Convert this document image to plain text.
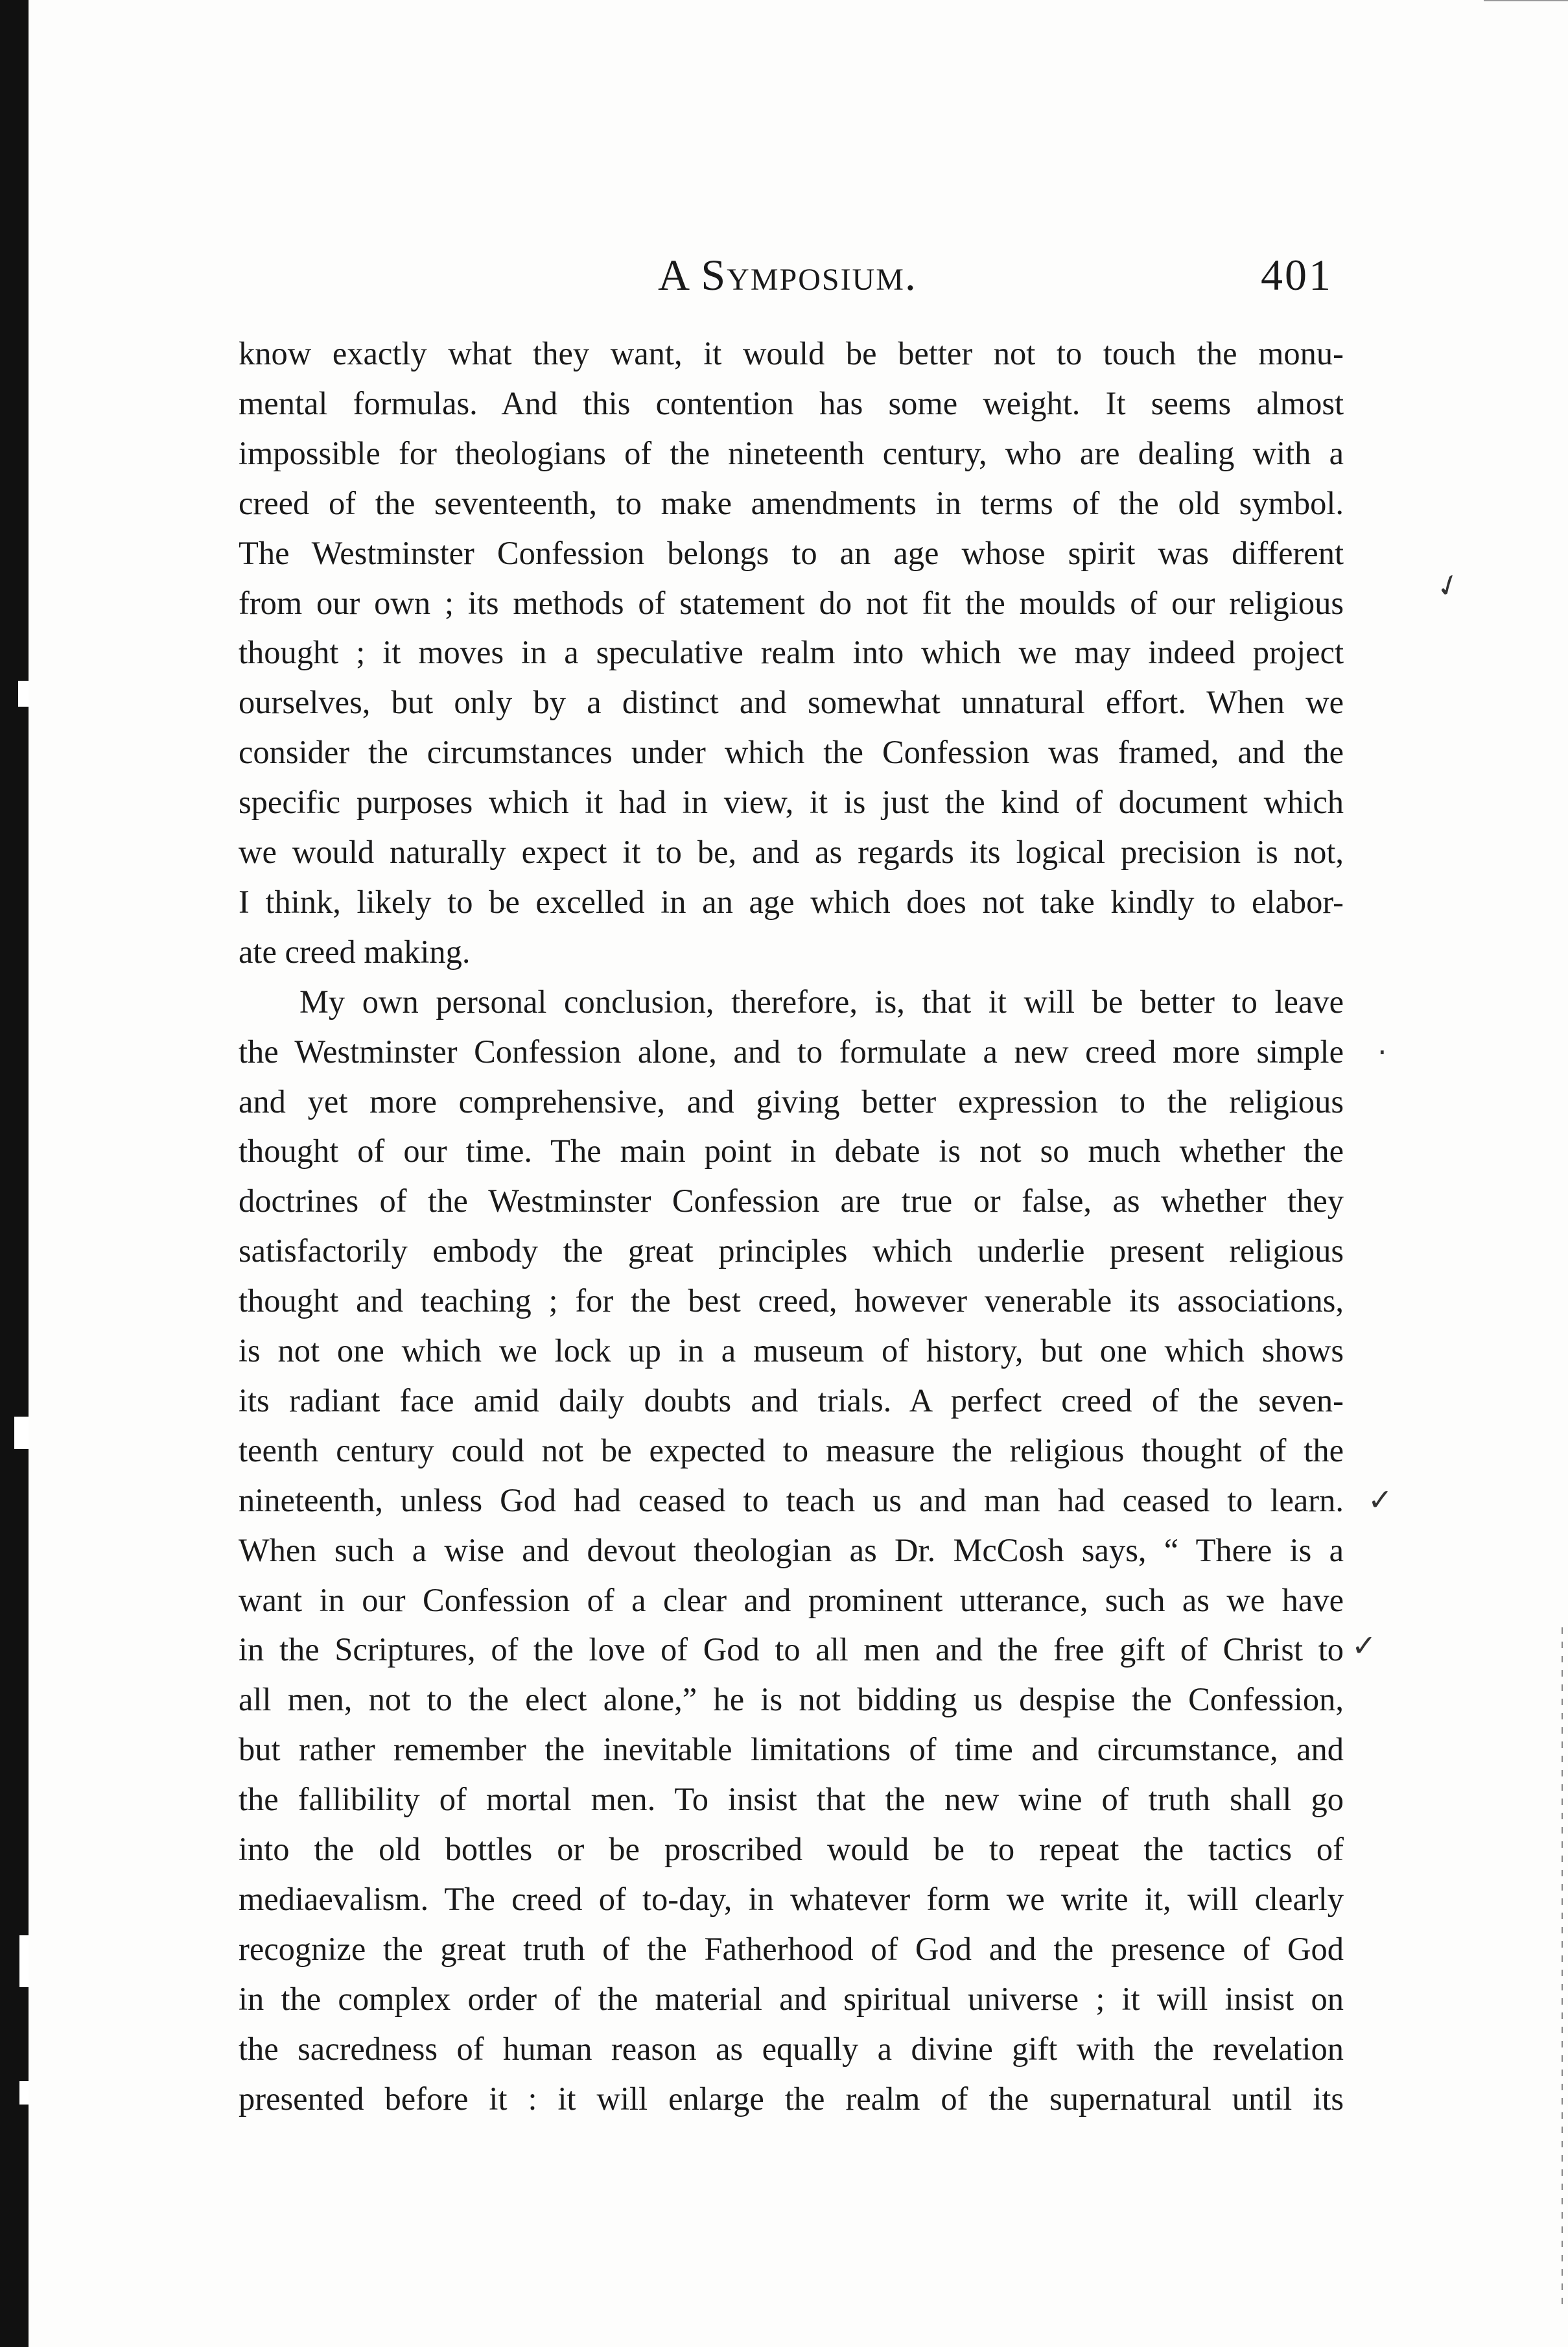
A Symposium.	401
know exactly what they want, it would be better not to touch the monu-
mental formulas. And this contention has some weight. It seems almost
impossible for theologians of the nineteenth century, who are dealing with a
creed of the seventeenth, to make amendments in terms of the old symbol.
The Westminster Confession belongs to an age whose spirit was different
from our own ; its methods of statement do not fit the moulds of our religious
thought ; it moves in a speculative realm into which we may indeed project
ourselves, but only by a distinct and somewhat unnatural effort. When we
consider the circumstances under which the Confession was framed, and the
specific purposes which it had in view, it is just the kind of document which
we would naturally expect it to be, and as regards its logical precision is not,
I think, likely to be excelled in an age which does not take kindly to elabor-
ate creed making.
My own personal conclusion, therefore, is, that it will be better to leave
the Westminster Confession alone, and to formulate a new creed more simple
and yet more comprehensive, and giving better expression to the religious
thought of our time. The main point in debate is not so much whether the
doctrines of the Westminster Confession are true or false, as whether they
satisfactorily embody the great principles which underlie present religious
thought and teaching ; for the best creed, however venerable its associations,
is not one which we lock up in a museum of history, but one which shows
its radiant face amid daily doubts and trials. A perfect creed of the seven-
teenth century could not be expected to measure the religious thought of the
nineteenth, unless God had ceased to teach us and man had ceased to learn.
When such a wise and devout theologian as Dr. McCosh says, “ There is a
want in our Confession of a clear and prominent utterance, such as we have
in the Scriptures, of the love of God to all men and the free gift of Christ to
all men, not to the elect alone,” he is not bidding us despise the Confession,
but rather remember the inevitable limitations of time and circumstance, and
the fallibility of mortal men. To insist that the new wine of truth shall go
into the old bottles or be proscribed would be to repeat the tactics of
mediaevalism. The creed of to-day, in whatever form we write it, will clearly
recognize the great truth of the Fatherhood of God and the presence of God
in the complex order of the material and spiritual universe ; it will insist on
the sacredness of human reason as equally a divine gift with the revelation
presented before it : it will enlarge the realm of the supernatural until its
✓
✓
✓
·
